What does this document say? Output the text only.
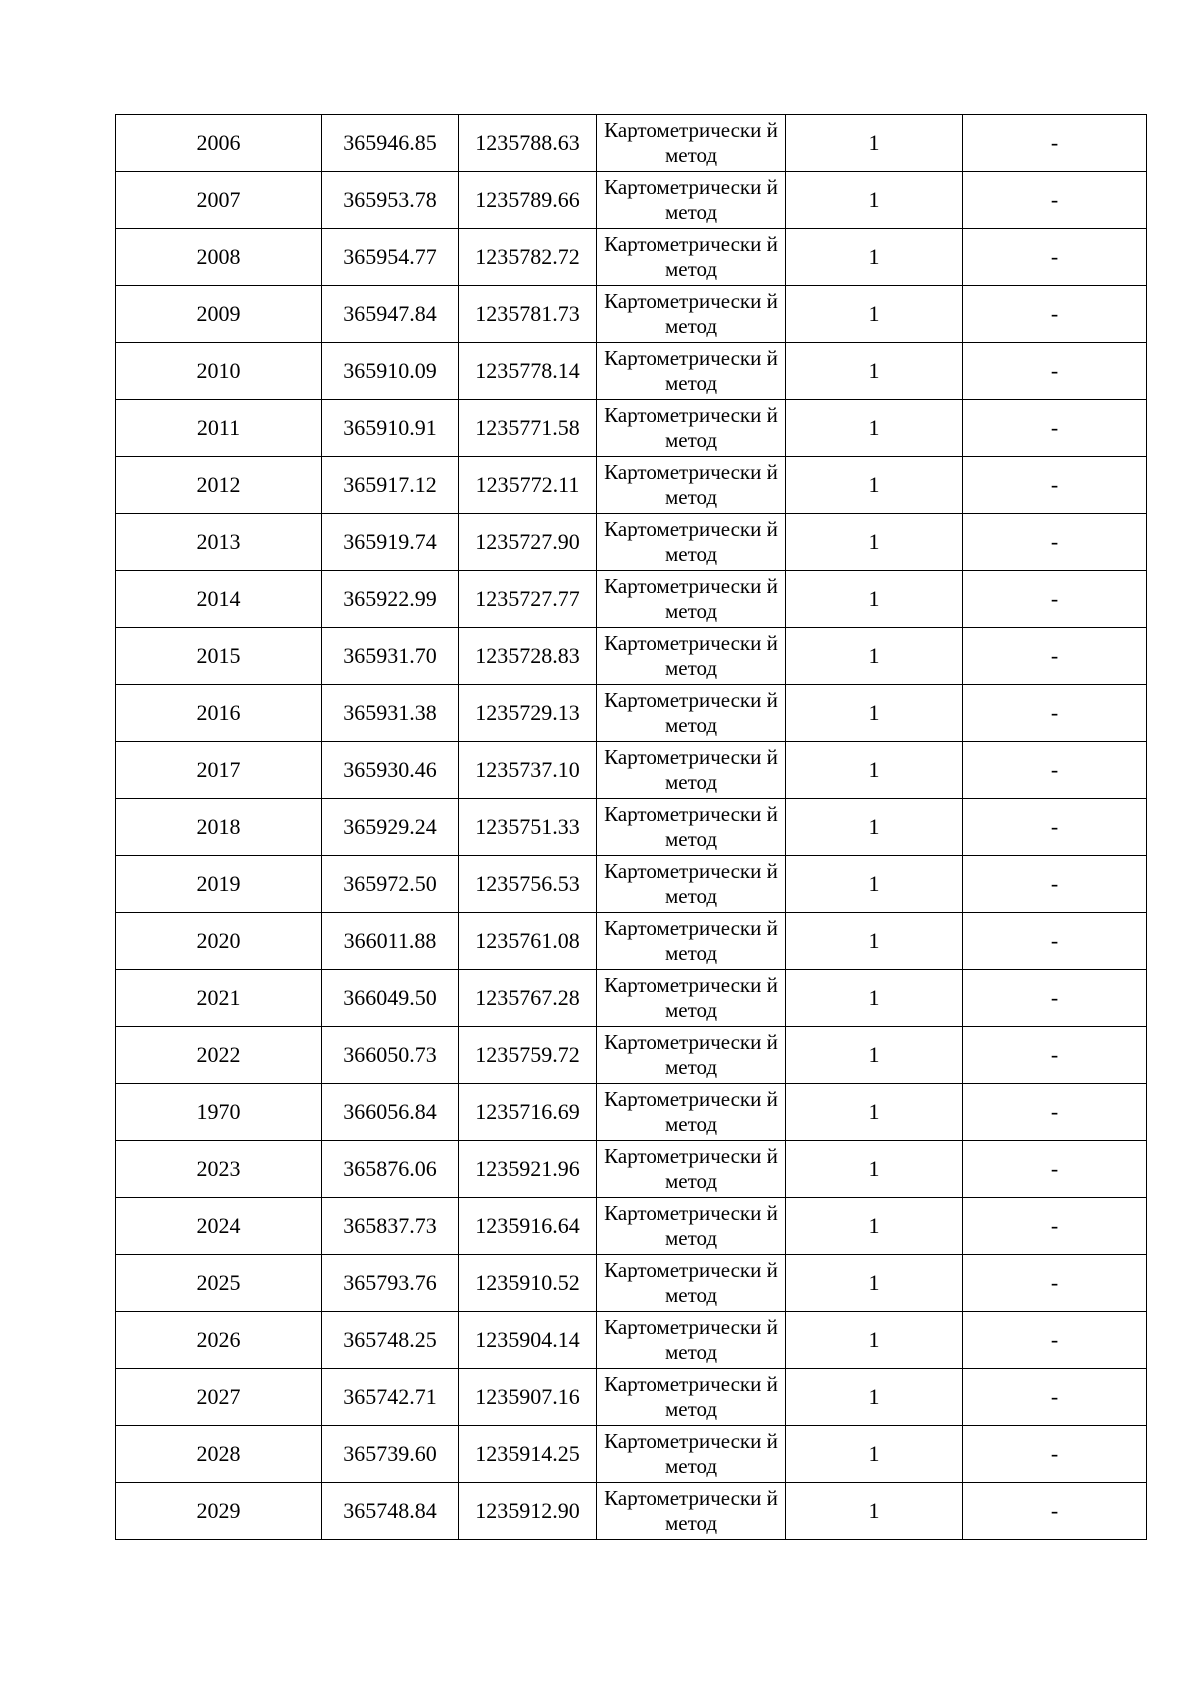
2006	365946.85	1235788.63	Картометрически й метод	1	-
2007	365953.78	1235789.66	Картометрически й метод	1	-
2008	365954.77	1235782.72	Картометрически й метод	1	-
2009	365947.84	1235781.73	Картометрически й метод	1	-
2010	365910.09	1235778.14	Картометрически й метод	1	-
2011	365910.91	1235771.58	Картометрически й метод	1	-
2012	365917.12	1235772.11	Картометрически й метод	1	-
2013	365919.74	1235727.90	Картометрически й метод	1	-
2014	365922.99	1235727.77	Картометрически й метод	1	-
2015	365931.70	1235728.83	Картометрически й метод	1	-
2016	365931.38	1235729.13	Картометрически й метод	1	-
2017	365930.46	1235737.10	Картометрически й метод	1	-
2018	365929.24	1235751.33	Картометрически й метод	1	-
2019	365972.50	1235756.53	Картометрически й метод	1	-
2020	366011.88	1235761.08	Картометрически й метод	1	-
2021	366049.50	1235767.28	Картометрически й метод	1	-
2022	366050.73	1235759.72	Картометрически й метод	1	-
1970	366056.84	1235716.69	Картометрически й метод	1	-
2023	365876.06	1235921.96	Картометрически й метод	1	-
2024	365837.73	1235916.64	Картометрически й метод	1	-
2025	365793.76	1235910.52	Картометрически й метод	1	-
2026	365748.25	1235904.14	Картометрически й метод	1	-
2027	365742.71	1235907.16	Картометрически й метод	1	-
2028	365739.60	1235914.25	Картометрически й метод	1	-
2029	365748.84	1235912.90	Картометрически й метод	1	-
